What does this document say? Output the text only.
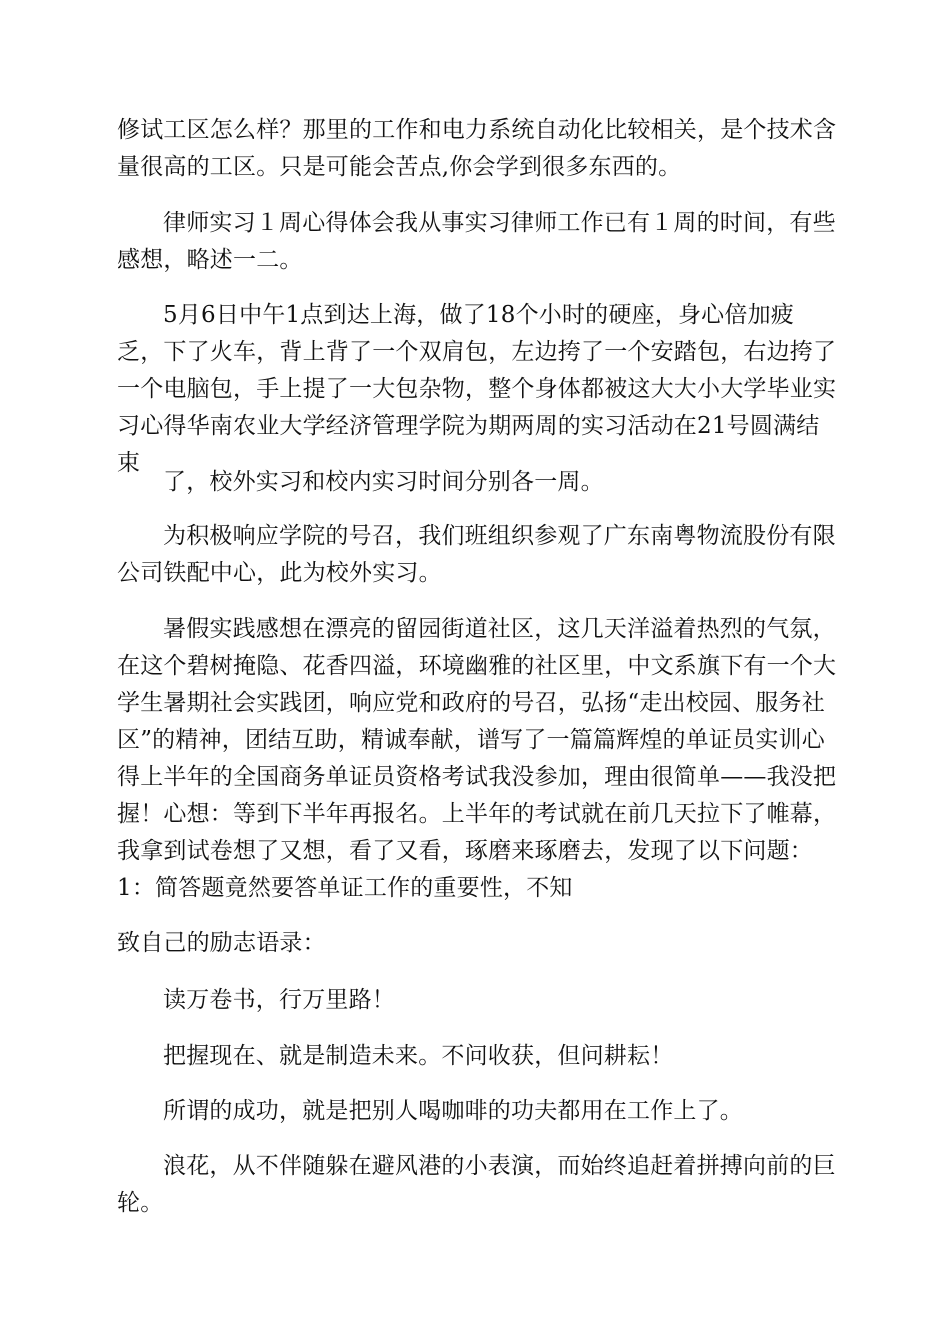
修试工区怎么样？那里的工作和电力系统自动化比较相关，是个技术含量很高的工区。只是可能会苦点,你会学到很多东西的。

律师实习１周心得体会我从事实习律师工作已有１周的时间，有些感想，略述一二。

5月6日中午1点到达上海，做了18个小时的硬座，身心倍加疲乏，下了火车，背上背了一个双肩包，左边挎了一个安踏包，右边挎了一个电脑包，手上提了一大包杂物，整个身体都被这大大小大学毕业实习心得华南农业大学经济管理学院为期两周的实习活动在21号圆满结束

了，校外实习和校内实习时间分别各一周。

为积极响应学院的号召，我们班组织参观了广东南粤物流股份有限公司铁配中心，此为校外实习。

暑假实践感想在漂亮的留园街道社区，这几天洋溢着热烈的气氛，在这个碧树掩隐、花香四溢，环境幽雅的社区里，中文系旗下有一个大学生暑期社会实践团，响应党和政府的号召，弘扬“走出校园、服务社区”的精神，团结互助，精诚奉献，谱写了一篇篇辉煌的单证员实训心得上半年的全国商务单证员资格考试我没参加，理由很简单——我没把握！心想：等到下半年再报名。上半年的考试就在前几天拉下了帷幕，我拿到试卷想了又想，看了又看，琢磨来琢磨去，发现了以下问题：1：简答题竟然要答单证工作的重要性，不知

致自己的励志语录：

读万卷书，行万里路！

把握现在、就是制造未来。不问收获，但问耕耘！

所谓的成功，就是把别人喝咖啡的功夫都用在工作上了。

浪花，从不伴随躲在避风港的小表演，而始终追赶着拼搏向前的巨轮。
